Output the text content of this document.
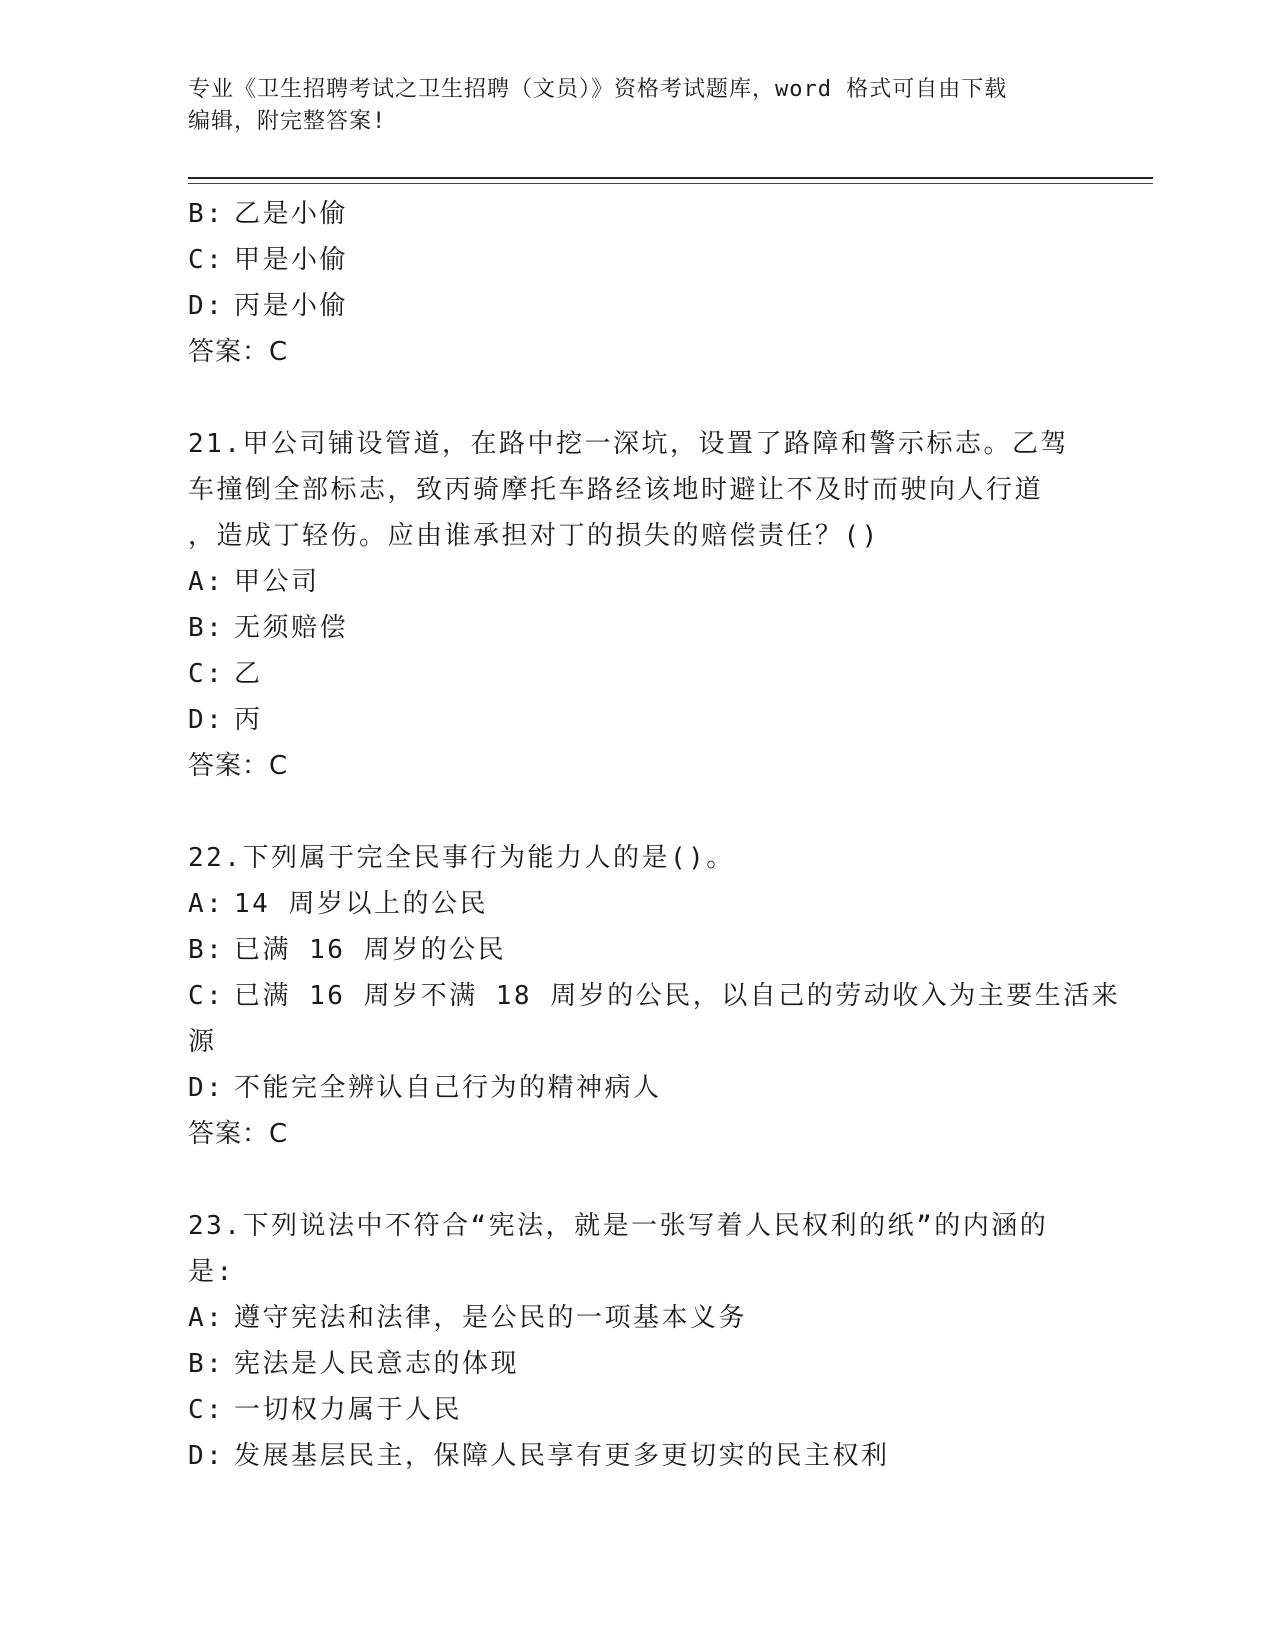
专业《卫生招聘考试之卫生招聘（文员）》资格考试题库，word 格式可自由下载
编辑，附完整答案!
B: 乙是小偷
C: 甲是小偷
D: 丙是小偷
答案：C
21.甲公司铺设管道，在路中挖一深坑，设置了路障和警示标志。乙驾
车撞倒全部标志，致丙骑摩托车路经该地时避让不及时而驶向人行道
，造成丁轻伤。应由谁承担对丁的损失的赔偿责任？()
A: 甲公司
B: 无须赔偿
C: 乙
D: 丙
答案：C
22.下列属于完全民事行为能力人的是()。
A: 14 周岁以上的公民
B: 已满 16 周岁的公民
C: 已满 16 周岁不满 18 周岁的公民，以自己的劳动收入为主要生活来
源
D: 不能完全辨认自己行为的精神病人
答案：C
23.下列说法中不符合“宪法，就是一张写着人民权利的纸”的内涵的
是:
A: 遵守宪法和法律，是公民的一项基本义务
B: 宪法是人民意志的体现
C: 一切权力属于人民
D: 发展基层民主，保障人民享有更多更切实的民主权利
